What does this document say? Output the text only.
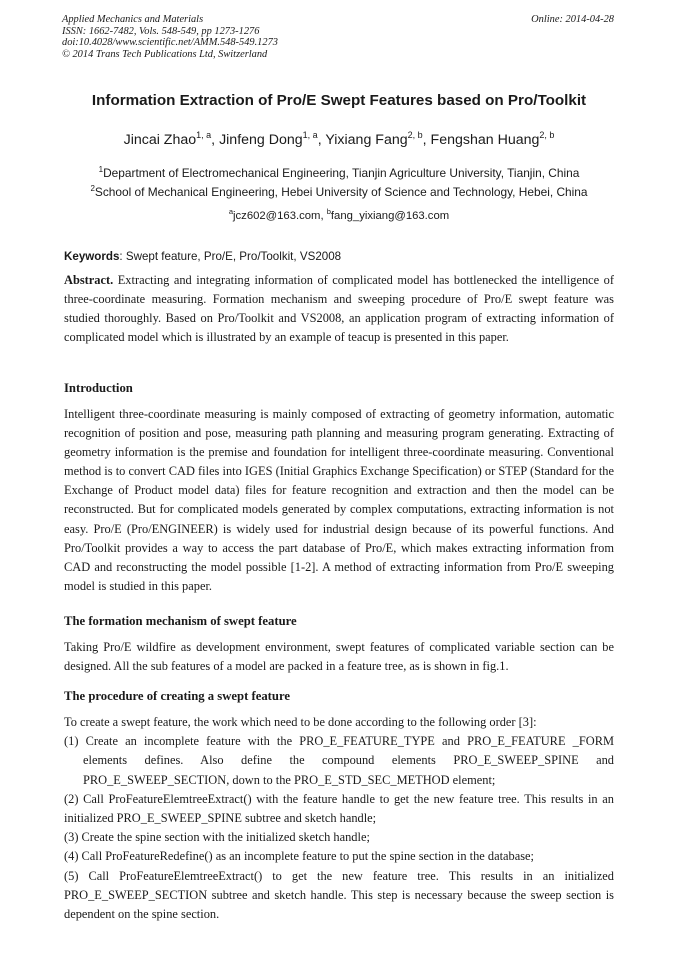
Applied Mechanics and Materials
ISSN: 1662-7482, Vols. 548-549, pp 1273-1276
doi:10.4028/www.scientific.net/AMM.548-549.1273
© 2014 Trans Tech Publications Ltd, Switzerland
Online: 2014-04-28
Information Extraction of Pro/E Swept Features based on Pro/Toolkit
Jincai Zhao$^{1, a}$, Jinfeng Dong$^{1, a}$, Yixiang Fang$^{2, b}$, Fengshan Huang$^{2, b}$
$^1$Department of Electromechanical Engineering, Tianjin Agriculture University, Tianjin, China
$^2$School of Mechanical Engineering, Hebei University of Science and Technology, Hebei, China
$^a$jcz602@163.com, $^b$fang_yixiang@163.com
Keywords: Swept feature, Pro/E, Pro/Toolkit, VS2008
Abstract. Extracting and integrating information of complicated model has bottlenecked the intelligence of three-coordinate measuring. Formation mechanism and sweeping procedure of Pro/E swept feature was studied thoroughly. Based on Pro/Toolkit and VS2008, an application program of extracting information of complicated model which is illustrated by an example of teacup is presented in this paper.
Introduction
Intelligent three-coordinate measuring is mainly composed of extracting of geometry information, automatic recognition of position and pose, measuring path planning and measuring program generating. Extracting of geometry information is the premise and foundation for intelligent three-coordinate measuring. Conventional method is to convert CAD files into IGES (Initial Graphics Exchange Specification) or STEP (Standard for the Exchange of Product model data) files for feature recognition and extraction and then the model can be reconstructed. But for complicated models generated by complex computations, extracting information is not easy. Pro/E (Pro/ENGINEER) is widely used for industrial design because of its powerful functions. And Pro/Toolkit provides a way to access the part database of Pro/E, which makes extracting information from CAD and reconstructing the model possible [1-2]. A method of extracting information from Pro/E sweeping model is studied in this paper.
The formation mechanism of swept feature
Taking Pro/E wildfire as development environment, swept features of complicated variable section can be designed. All the sub features of a model are packed in a feature tree, as is shown in fig.1.
The procedure of creating a swept feature
To create a swept feature, the work which need to be done according to the following order [3]:
(1) Create an incomplete feature with the PRO_E_FEATURE_TYPE and PRO_E_FEATURE _FORM elements defines. Also define the compound elements PRO_E_SWEEP_SPINE and PRO_E_SWEEP_SECTION, down to the PRO_E_STD_SEC_METHOD element;
(2) Call ProFeatureElemtreeExtract() with the feature handle to get the new feature tree. This results in an initialized PRO_E_SWEEP_SPINE subtree and sketch handle;
(3) Create the spine section with the initialized sketch handle;
(4) Call ProFeatureRedefine() as an incomplete feature to put the spine section in the database;
(5) Call ProFeatureElemtreeExtract() to get the new feature tree. This results in an initialized PRO_E_SWEEP_SECTION subtree and sketch handle. This step is necessary because the sweep section is dependent on the spine section.
